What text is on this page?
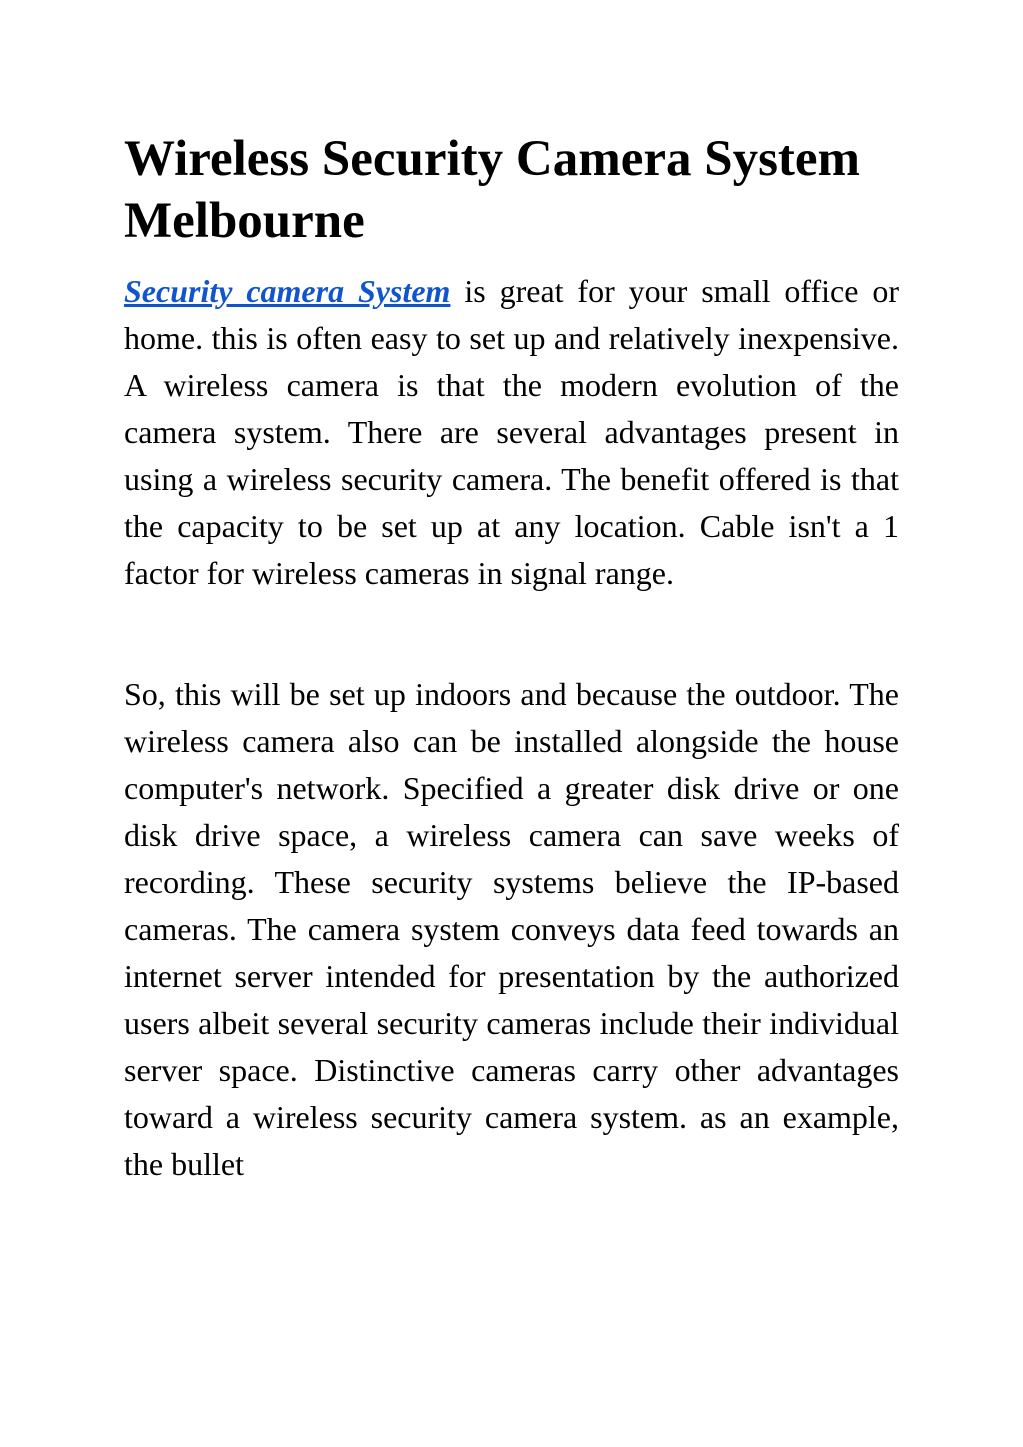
Wireless Security Camera System Melbourne

Security camera System is great for your small office or home. this is often easy to set up and relatively inexpensive. A wireless camera is that the modern evolution of the camera system. There are several advantages present in using a wireless security camera. The benefit offered is that the capacity to be set up at any location. Cable isn't a 1 factor for wireless cameras in signal range.

So, this will be set up indoors and because the outdoor. The wireless camera also can be installed alongside the house computer's network. Specified a greater disk drive or one disk drive space, a wireless camera can save weeks of recording. These security systems believe the IP-based cameras. The camera system conveys data feed towards an internet server intended for presentation by the authorized users albeit several security cameras include their individual server space. Distinctive cameras carry other advantages toward a wireless security camera system. as an example, the bullet
